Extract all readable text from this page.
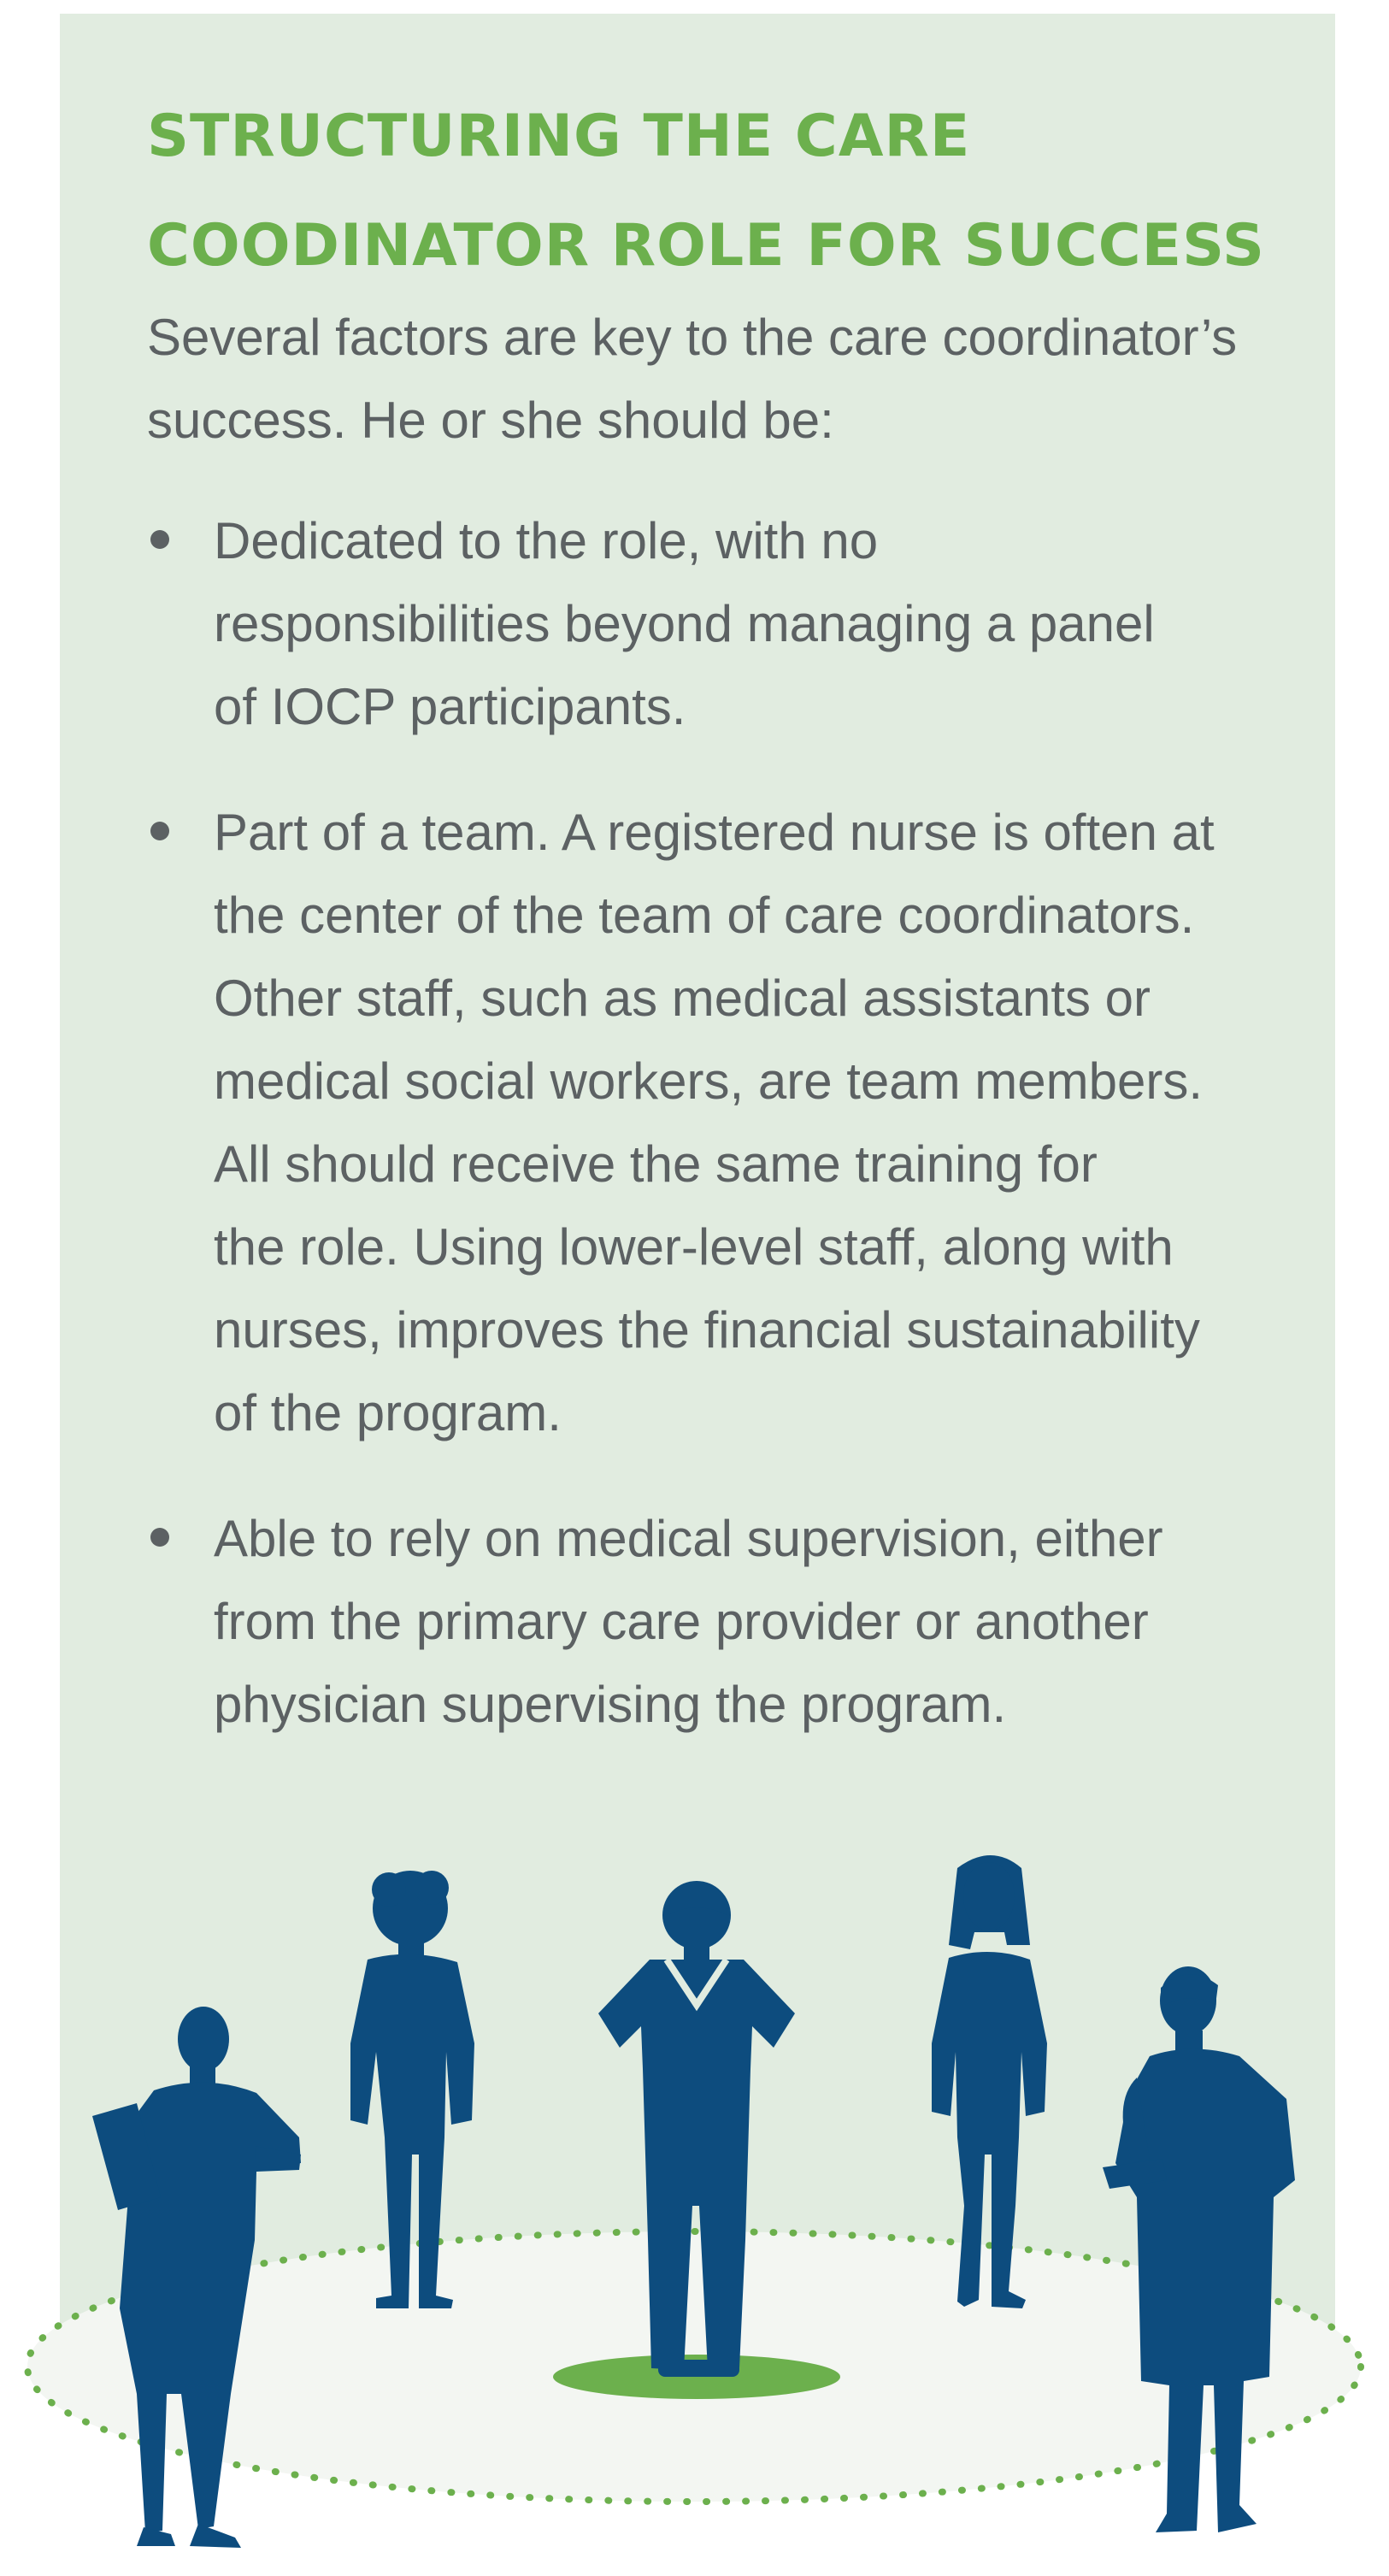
STRUCTURING THE CARE
COODINATOR ROLE FOR SUCCESS

Several factors are key to the care coordinator’s success. He or she should be:

Dedicated to the role, with no
responsibilities beyond managing a panel
of IOCP participants.
Part of a team. A registered nurse is often at
the center of the team of care coordinators.
Other staff, such as medical assistants or
medical social workers, are team members.
All should receive the same training for
the role. Using lower-level staff, along with
nurses, improves the financial sustainability
of the program.
Able to rely on medical supervision, either
from the primary care provider or another
physician supervising the program.
